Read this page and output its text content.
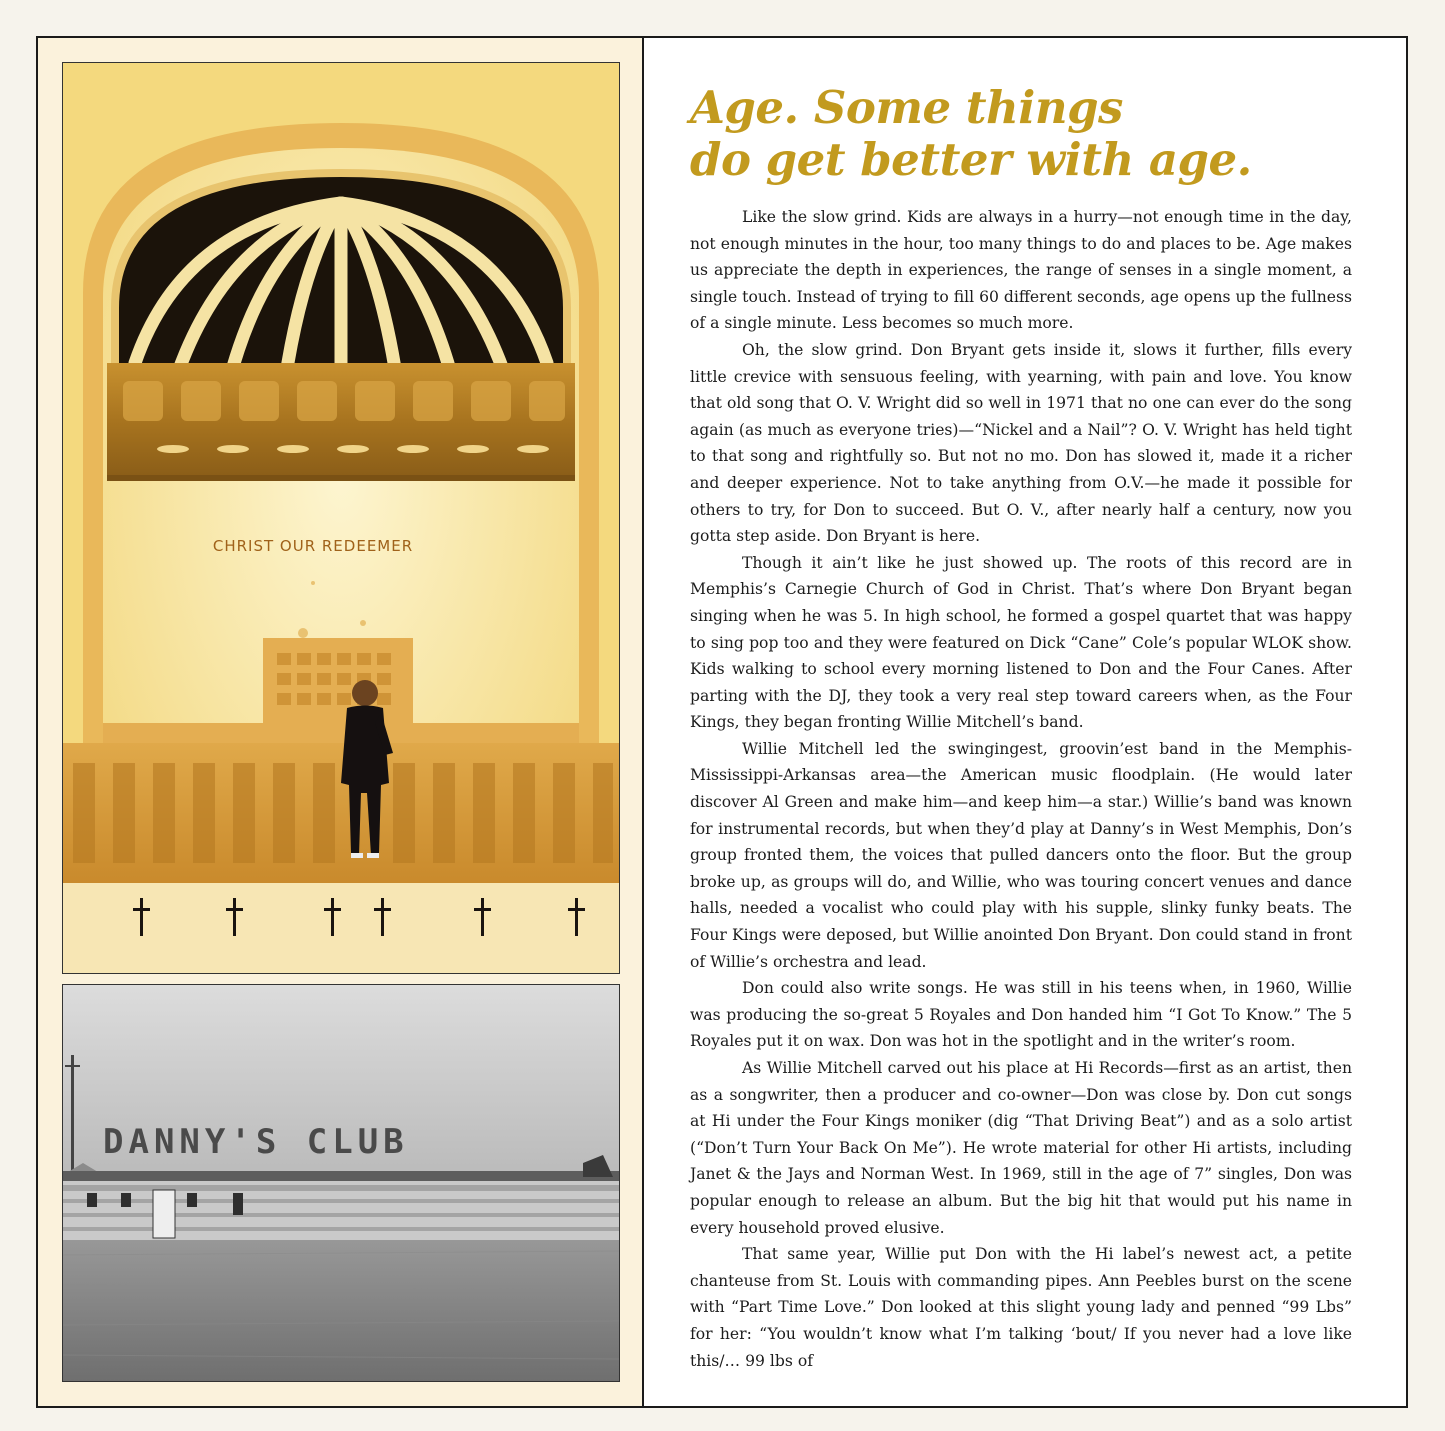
CHRIST OUR REDEEMER
DANNY'S CLUB
Age. Some things
do get better with age.

Like the slow grind. Kids are always in a hurry—not enough time in the day, not enough minutes in the hour, too many things to do and places to be. Age makes us appreciate the depth in experiences, the range of senses in a single moment, a single touch. Instead of trying to fill 60 different seconds, age opens up the fullness of a single minute. Less becomes so much more.

Oh, the slow grind. Don Bryant gets inside it, slows it further, fills every little crevice with sensuous feeling, with yearning, with pain and love. You know that old song that O. V. Wright did so well in 1971 that no one can ever do the song again (as much as everyone tries)—“Nickel and a Nail”? O. V. Wright has held tight to that song and rightfully so. But not no mo. Don has slowed it, made it a richer and deeper experience. Not to take anything from O.V.—he made it possible for others to try, for Don to succeed. But O. V., after nearly half a century, now you gotta step aside. Don Bryant is here.

Though it ain’t like he just showed up. The roots of this record are in Memphis’s Carnegie Church of God in Christ. That’s where Don Bryant began singing when he was 5. In high school, he formed a gospel quartet that was happy to sing pop too and they were featured on Dick “Cane” Cole’s popular WLOK show. Kids walking to school every morning listened to Don and the Four Canes. After parting with the DJ, they took a very real step toward careers when, as the Four Kings, they began fronting Willie Mitchell’s band.

Willie Mitchell led the swingingest, groovin’est band in the Memphis-Mississippi-Arkansas area—the American music floodplain. (He would later discover Al Green and make him—and keep him—a star.) Willie’s band was known for instrumental records, but when they’d play at Danny’s in West Memphis, Don’s group fronted them, the voices that pulled dancers onto the floor. But the group broke up, as groups will do, and Willie, who was touring concert venues and dance halls, needed a vocalist who could play with his supple, slinky funky beats. The Four Kings were deposed, but Willie anointed Don Bryant. Don could stand in front of Willie’s orchestra and lead.

Don could also write songs. He was still in his teens when, in 1960, Willie was producing the so-great 5 Royales and Don handed him “I Got To Know.” The 5 Royales put it on wax. Don was hot in the spotlight and in the writer’s room.

As Willie Mitchell carved out his place at Hi Records—first as an artist, then as a songwriter, then a producer and co-owner—Don was close by. Don cut songs at Hi under the Four Kings moniker (dig “That Driving Beat”) and as a solo artist (“Don’t Turn Your Back On Me”). He wrote material for other Hi artists, including Janet & the Jays and Norman West. In 1969, still in the age of 7” singles, Don was popular enough to release an album. But the big hit that would put his name in every household proved elusive.

That same year, Willie put Don with the Hi label’s newest act, a petite chanteuse from St. Louis with commanding pipes. Ann Peebles burst on the scene with “Part Time Love.” Don looked at this slight young lady and penned “99 Lbs” for her: “You wouldn’t know what I’m talking ‘bout/ If you never had a love like this/… 99 lbs of
